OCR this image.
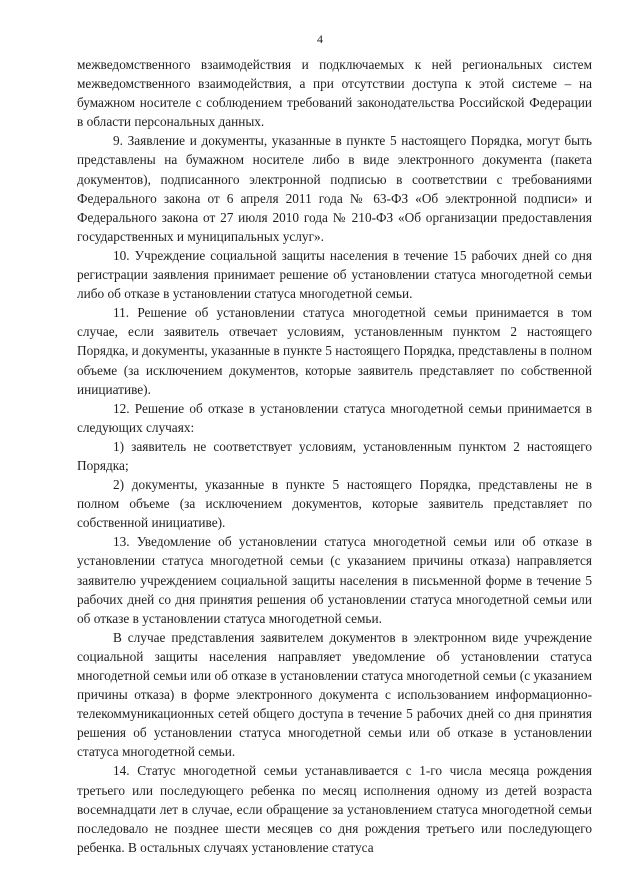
4

межведомственного взаимодействия и подключаемых к ней региональных систем межведомственного взаимодействия, а при отсутствии доступа к этой системе – на бумажном носителе с соблюдением требований законодательства Российской Федерации в области персональных данных.

9. Заявление и документы, указанные в пункте 5 настоящего Порядка, могут быть представлены на бумажном носителе либо в виде электронного документа (пакета документов), подписанного электронной подписью в соответствии с требованиями Федерального закона от 6 апреля 2011 года № 63-ФЗ «Об электронной подписи» и Федерального закона от 27 июля 2010 года № 210-ФЗ «Об организации предоставления государственных и муниципальных услуг».

10. Учреждение социальной защиты населения в течение 15 рабочих дней со дня регистрации заявления принимает решение об установлении статуса многодетной семьи либо об отказе в установлении статуса многодетной семьи.

11. Решение об установлении статуса многодетной семьи принимается в том случае, если заявитель отвечает условиям, установленным пунктом 2 настоящего Порядка, и документы, указанные в пункте 5 настоящего Порядка, представлены в полном объеме (за исключением документов, которые заявитель представляет по собственной инициативе).

12. Решение об отказе в установлении статуса многодетной семьи принимается в следующих случаях:

1) заявитель не соответствует условиям, установленным пунктом 2 настоящего Порядка;

2) документы, указанные в пункте 5 настоящего Порядка, представлены не в полном объеме (за исключением документов, которые заявитель представляет по собственной инициативе).

13. Уведомление об установлении статуса многодетной семьи или об отказе в установлении статуса многодетной семьи (с указанием причины отказа) направляется заявителю учреждением социальной защиты населения в письменной форме в течение 5 рабочих дней со дня принятия решения об установлении статуса многодетной семьи или об отказе в установлении статуса многодетной семьи.

В случае представления заявителем документов в электронном виде учреждение социальной защиты населения направляет уведомление об установлении статуса многодетной семьи или об отказе в установлении статуса многодетной семьи (с указанием причины отказа) в форме электронного документа с использованием информационно-телекоммуникационных сетей общего доступа в течение 5 рабочих дней со дня принятия решения об установлении статуса многодетной семьи или об отказе в установлении статуса многодетной семьи.

14. Статус многодетной семьи устанавливается с 1-го числа месяца рождения третьего или последующего ребенка по месяц исполнения одному из детей возраста восемнадцати лет в случае, если обращение за установлением статуса многодетной семьи последовало не позднее шести месяцев со дня рождения третьего или последующего ребенка. В остальных случаях установление статуса
